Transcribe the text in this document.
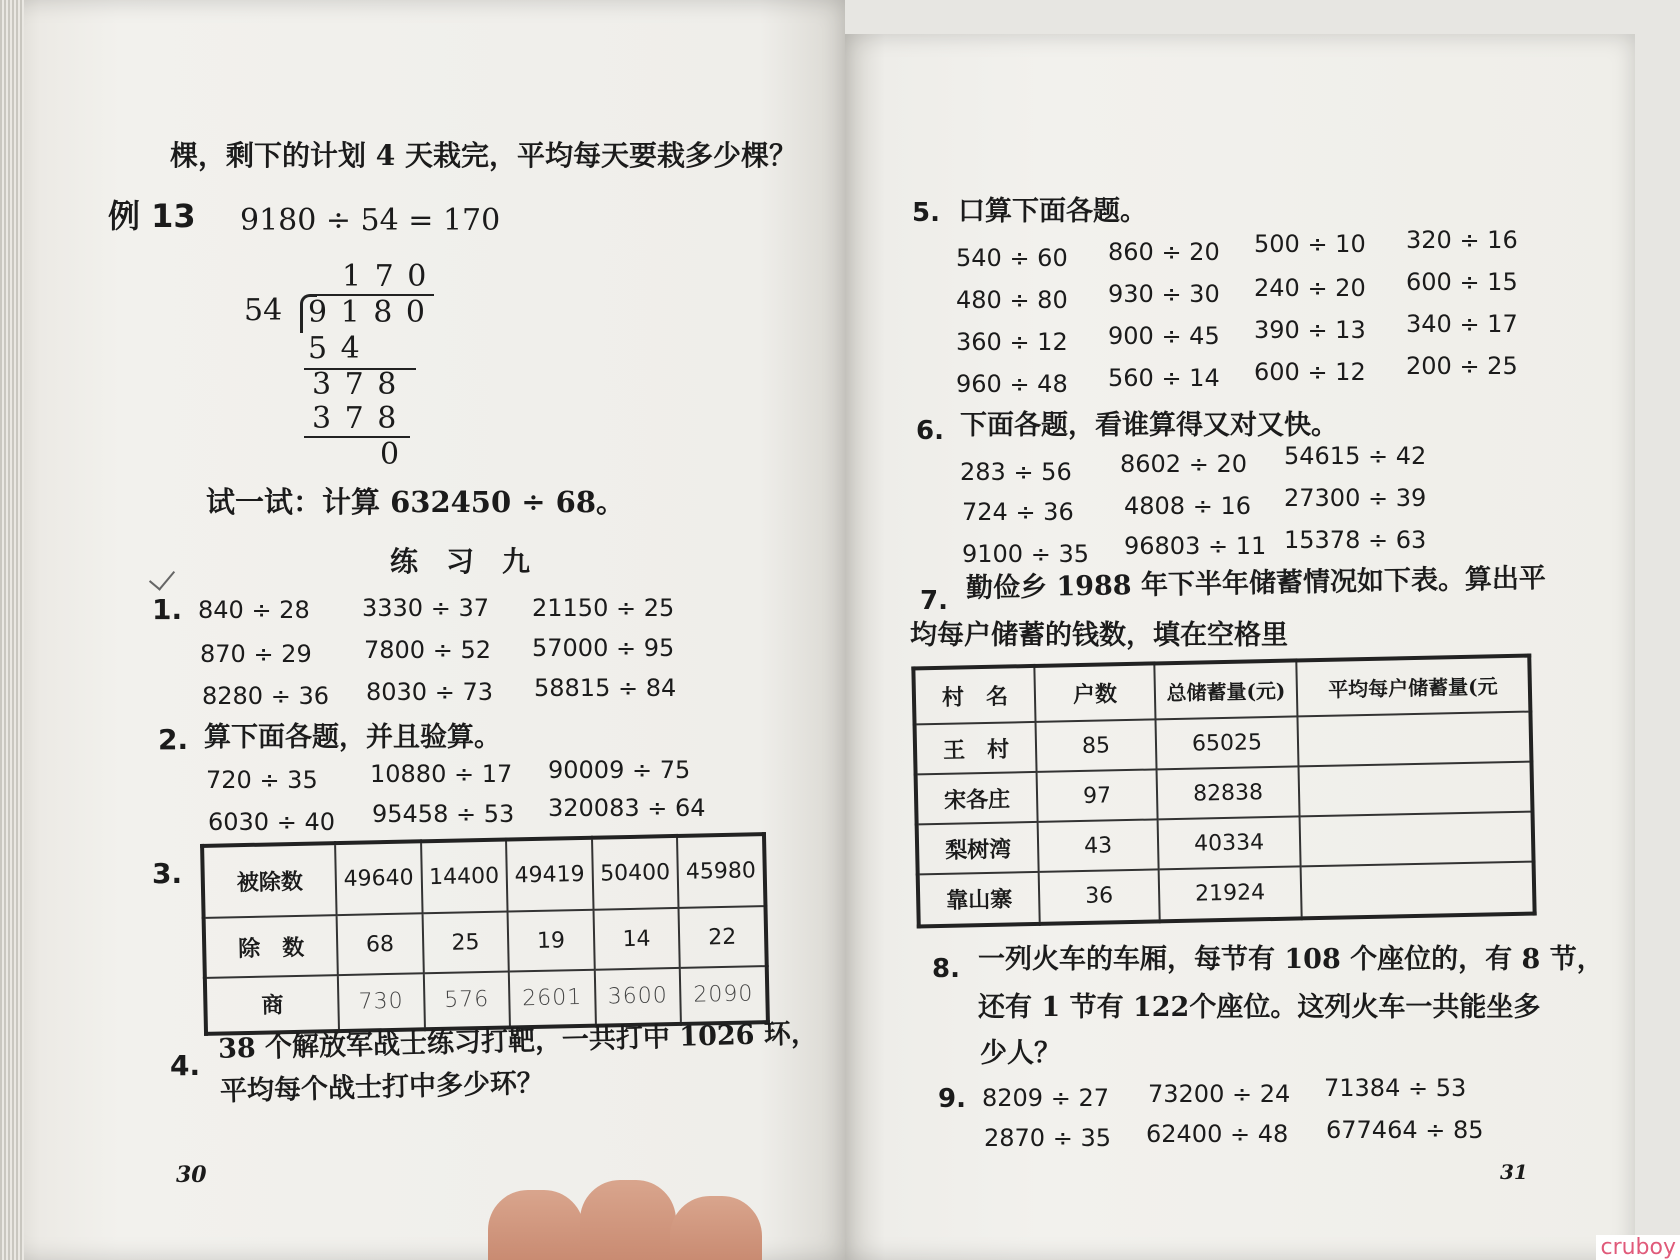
棵，剩下的计划 4 天栽完，平均每天要栽多少棵？
例 13 9180 ÷ 54 = 170
1 7 0
54 9 1 8 0
5 4
3 7 8
3 7 8
0
试一试：计算 632450 ÷ 68。
练　习　九
1. 840 ÷ 28 3330 ÷ 37 21150 ÷ 25
870 ÷ 29 7800 ÷ 52 57000 ÷ 95
8280 ÷ 36 8030 ÷ 73 58815 ÷ 84
2. 算下面各题，并且验算。
720 ÷ 35 10880 ÷ 17 90009 ÷ 75
6030 ÷ 40 95458 ÷ 53 320083 ÷ 64
3. 被除数	49640	14400	49419	50400	45980
除　数	68	25	19	14	22
商	730	576	2601	3600	2090
4.
38 个解放军战士练习打靶，一共打中 1026 环，
平均每个战士打中多少环？
30
5. 口算下面各题。
540 ÷ 60 860 ÷ 20 500 ÷ 10 320 ÷ 16
480 ÷ 80 930 ÷ 30 240 ÷ 20 600 ÷ 15
360 ÷ 12 900 ÷ 45 390 ÷ 13 340 ÷ 17
960 ÷ 48 560 ÷ 14 600 ÷ 12 200 ÷ 25
6. 下面各题，看谁算得又对又快。
283 ÷ 56 8602 ÷ 20 54615 ÷ 42
724 ÷ 36 4808 ÷ 16 27300 ÷ 39
9100 ÷ 35 96803 ÷ 11 15378 ÷ 63
7. 勤俭乡 1988 年下半年储蓄情况如下表。算出平
均每户储蓄的钱数，填在空格里
村　名	户数	总储蓄量(元)	平均每户储蓄量(元
王　村	85	65025	
宋各庄	97	82838	
梨树湾	43	40334	
靠山寨	36	21924	
8. 一列火车的车厢，每节有 108 个座位的，有 8 节，
还有 1 节有 122个座位。这列火车一共能坐多
少人？
9. 8209 ÷ 27 73200 ÷ 24 71384 ÷ 53
2870 ÷ 35 62400 ÷ 48 677464 ÷ 85
31
cruboy
